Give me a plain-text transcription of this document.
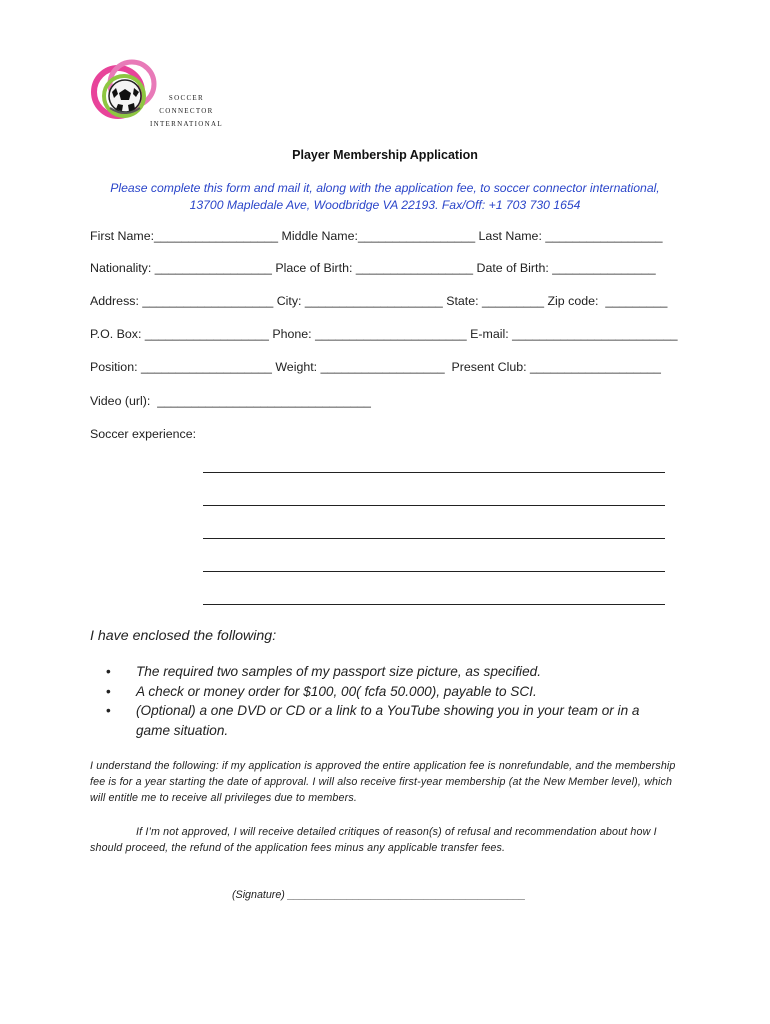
soccer
connector
international
Player Membership Application
Please complete this form and mail it, along with the application fee, to soccer connector international,
13700 Mapledale Ave, Woodbridge VA 22193. Fax/Off: +1 703 730 1654
First Name:__________________ Middle Name:_________________ Last Name: _________________
Nationality: _________________ Place of Birth: _________________ Date of Birth: _______________
Address: ___________________ City: ____________________ State: _________ Zip code:  _________
P.O. Box: __________________ Phone: ______________________ E-mail: ________________________
Position: ___________________ Weight: __________________  Present Club: ___________________
Video (url):  _______________________________
Soccer experience:
I have enclosed the following:
• The required two samples of my passport size picture, as specified.
• A check or money order for $100, 00( fcfa 50.000), payable to SCI.
• (Optional) a one DVD or CD or a link to a YouTube showing you in your team or in a game situation.
I understand the following: if my application is approved the entire application fee is nonrefundable, and the membership fee is for a year starting the date of approval. I will also receive first-year membership (at the New Member level), which will entitle me to receive all privileges due to members.
If I’m not approved, I will receive detailed critiques of reason(s) of refusal and recommendation about how I should proceed, the refund of the application fees minus any applicable transfer fees.
(Signature) ________________________________________
